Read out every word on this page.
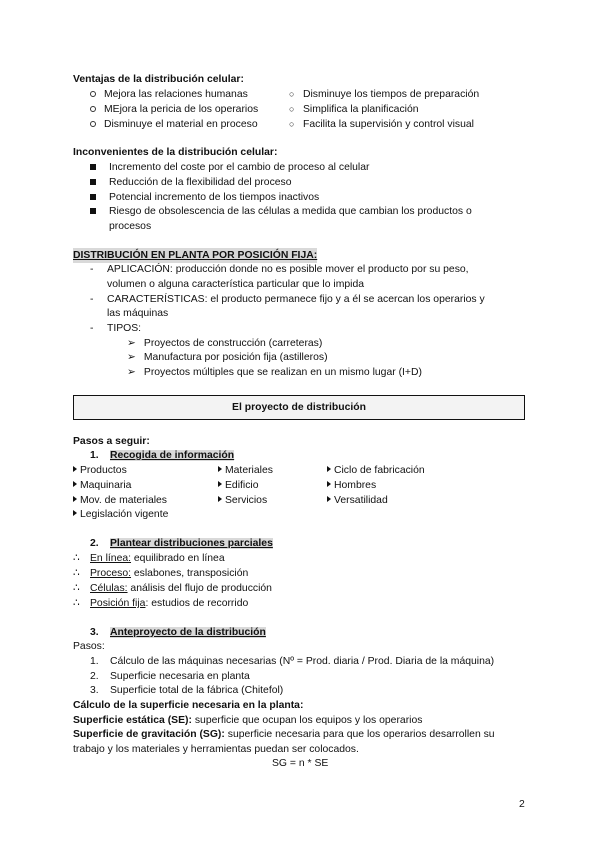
Ventajas de la distribución celular:
Mejora las relaciones humanas
MEjora la pericia de los operarios
Disminuye el material en proceso
○ Disminuye los tiempos de preparación
○ Simplifica la planificación
○ Facilita la supervisión y control visual
Inconvenientes de la distribución celular:
Incremento del coste por el cambio de proceso al celular
Reducción de la flexibilidad del proceso
Potencial incremento de los tiempos inactivos
Riesgo de obsolescencia de las células a medida que cambian los productos o
procesos
DISTRIBUCIÓN EN PLANTA POR POSICIÓN FIJA:
- APLICACIÓN: producción donde no es posible mover el producto por su peso,
volumen o alguna característica particular que lo impida
- CARACTERÍSTICAS: el producto permanece fijo y a él se acercan los operarios y
las máquinas
- TIPOS:
➢ Proyectos de construcción (carreteras)
➢ Manufactura por posición fija (astilleros)
➢ Proyectos múltiples que se realizan en un mismo lugar (I+D)
El proyecto de distribución
Pasos a seguir:
1. Recogida de información
Productos
Maquinaria
Mov. de materiales
Legislación vigente
Materiales
Edificio
Servicios
Ciclo de fabricación
Hombres
Versatilidad
2. Plantear distribuciones parciales
∴ En línea: equilibrado en línea
∴ Proceso: eslabones, transposición
∴ Células: análisis del flujo de producción
∴ Posición fija: estudios de recorrido
3. Anteproyecto de la distribución
Pasos:
1. Cálculo de las máquinas necesarias (Nº = Prod. diaria / Prod. Diaria de la máquina)
2. Superficie necesaria en planta
3. Superficie total de la fábrica (Chitefol)
Cálculo de la superficie necesaria en la planta:
Superficie estática (SE): superficie que ocupan los equipos y los operarios
Superficie de gravitación (SG): superficie necesaria para que los operarios desarrollen su
trabajo y los materiales y herramientas puedan ser colocados.
SG = n * SE
2
